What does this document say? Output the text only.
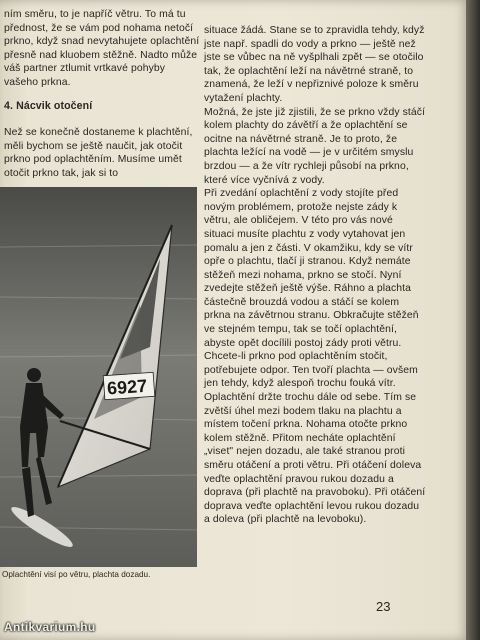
ním směru, to je napříč větru. To má tu přednost, že se vám pod nohama netočí prkno, když snad nevytahujete oplachtění přesně nad kluobem stěžně. Nadto může váš partner ztlumit vrtkavé pohyby vašeho prkna.

4. Nácvik otočení

Než se konečně dostaneme k plachtění, měli bychom se ještě naučit, jak otočit prkno pod oplachtěním. Musíme umět otočit prkno tak, jak si to

6927
Oplachtění visí po větru, plachta dozadu.

situace žádá. Stane se to zpravidla tehdy, když jste např. spadli do vody a prkno — ještě než jste se vůbec na ně vyšplhali zpět — se otočilo tak, že oplachtění leží na návětrné straně, to znamená, že leží v nepřiznivé poloze k směru vytažení plachty.

Možná, že jste již zjistili, že se prkno vždy stáčí kolem plachty do závětří a že oplachtění se ocitne na návětrné straně. Je to proto, že plachta ležící na vodě — je v určitém smyslu brzdou — a že vítr rychleji působí na prkno, které více vyčnívá z vody.

Při zvedání oplachtění z vody stojíte před novým problémem, protože nejste zády k větru, ale obličejem. V této pro vás nové situaci musíte plachtu z vody vytahovat jen pomalu a jen z části. V okamžiku, kdy se vítr opře o plachtu, tlačí ji stranou. Když nemáte stěžeň mezi nohama, prkno se stočí. Nyní zvedejte stěžeň ještě výše. Ráhno a plachta částečně brouzdá vodou a stáčí se kolem prkna na závětrnou stranu. Obkračujte stěžeň ve stejném tempu, tak se točí oplachtění, abyste opět docílili postoj zády proti větru.

Chcete-li prkno pod oplachtěním stočit, potřebujete odpor. Ten tvoří plachta — ovšem jen tehdy, když alespoň trochu fouká vítr. Oplachtění držte trochu dále od sebe. Tím se zvětší úhel mezi bodem tlaku na plachtu a místem točení prkna. Nohama otočte prkno kolem stěžně. Přitom necháte oplachtění „viset" nejen dozadu, ale také stranou proti směru otáčení a proti větru. Při otáčení doleva veďte oplachtění pravou rukou dozadu a doprava (při plachtě na pravoboku). Při otáčení doprava veďte oplachtění levou rukou dozadu a doleva (při plachtě na levoboku).

23
Antikvarium.hu
